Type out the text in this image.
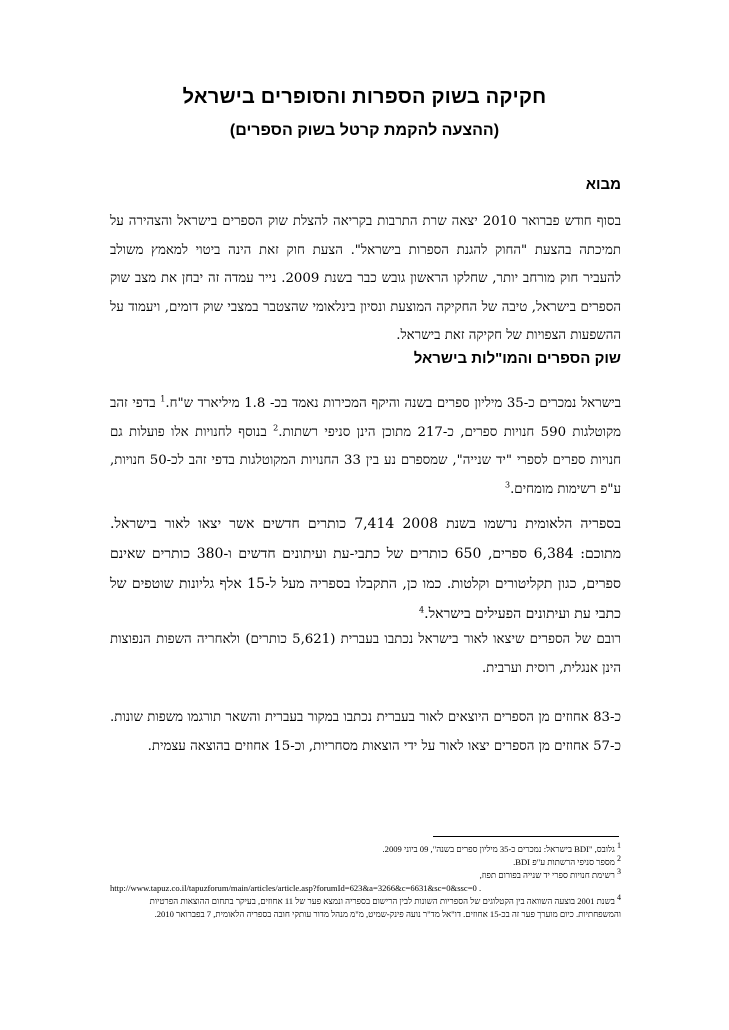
חקיקה בשוק הספרות והסופרים בישראל
(ההצעה להקמת קרטל בשוק הספרים)
מבוא

בסוף חודש פברואר 2010 יצאה שרת התרבות בקריאה להצלת שוק הספרים בישראל והצהירה על תמיכתה בהצעת "החוק להגנת הספרות בישראל". הצעת חוק זאת הינה ביטוי למאמץ משולב להעביר חוק מורחב יותר, שחלקו הראשון גובש כבר בשנת 2009. נייר עמדה זה יבחן את מצב שוק הספרים בישראל, טיבה של החקיקה המוצעת ונסיון בינלאומי שהצטבר במצבי שוק דומים, ויעמוד על ההשפעות הצפויות של חקיקה זאת בישראל.

שוק הספרים והמו"לות בישראל

בישראל נמכרים כ-35 מיליון ספרים בשנה והיקף המכירות נאמד בכ- 1.8 מיליארד ש"ח.$^1$ בדפי זהב מקוטלגות 590 חנויות ספרים, כ-217 מתוכן הינן סניפי רשתות.$^2$ בנוסף לחנויות אלו פועלות גם חנויות ספרים לספרי "יד שנייה", שמספרם נע בין 33 החנויות המקוטלגות בדפי זהב לכ-50 חנויות, ע"פ רשימות מומחים.$^3$

בספריה הלאומית נרשמו בשנת 2008 7,414 כותרים חדשים אשר יצאו לאור בישראל. מתוכם: 6,384 ספרים, 650 כותרים של כתבי-עת ועיתונים חדשים ו-380 כותרים שאינם ספרים, כגון תקליטורים וקלטות. כמו כן, התקבלו בספריה מעל ל-15 אלף גליונות שוטפים של כתבי עת ועיתונים הפעילים בישראל.$^4$

רובם של הספרים שיצאו לאור בישראל נכתבו בעברית (5,621 כותרים) ולאחריה השפות הנפוצות הינן אנגלית, רוסית וערבית.

כ-83 אחוזים מן הספרים היוצאים לאור בעברית נכתבו במקור בעברית והשאר תורגמו משפות שונות. כ-57 אחוזים מן הספרים יצאו לאור על ידי הוצאות מסחריות, וכ-15 אחוזים בהוצאה עצמית.

$^1$ גלובס, "BDI בישראל: נמכרים כ-35 מיליון ספרים בשנה", 09 ביוני 2009.

$^2$ מספר סניפי הרשתות ע"פ BDI.

$^3$ רשימת חנויות ספרי יד שנייה בפורום תפוז,

http://www.tapuz.co.il/tapuzforum/main/articles/article.asp?forumId=623&a=3266&c=6631&sc=0&ssc=0 .

$^4$ בשנת 2001 בוצעה השוואה בין הקטלוגים של הספריות השונות לבין הרישום בספריה ונמצא פער של 11 אחוזים, בעיקר בתחום ההוצאות הפרטיות והמשפחתיות. כיום מוערך פער זה בכ-15 אחוזים. דו"אל מד"ר נועה פינק-שמיט, מ"מ מנהל מדור עותקי חובה בספריה הלאומית, 7 בפברואר 2010.
